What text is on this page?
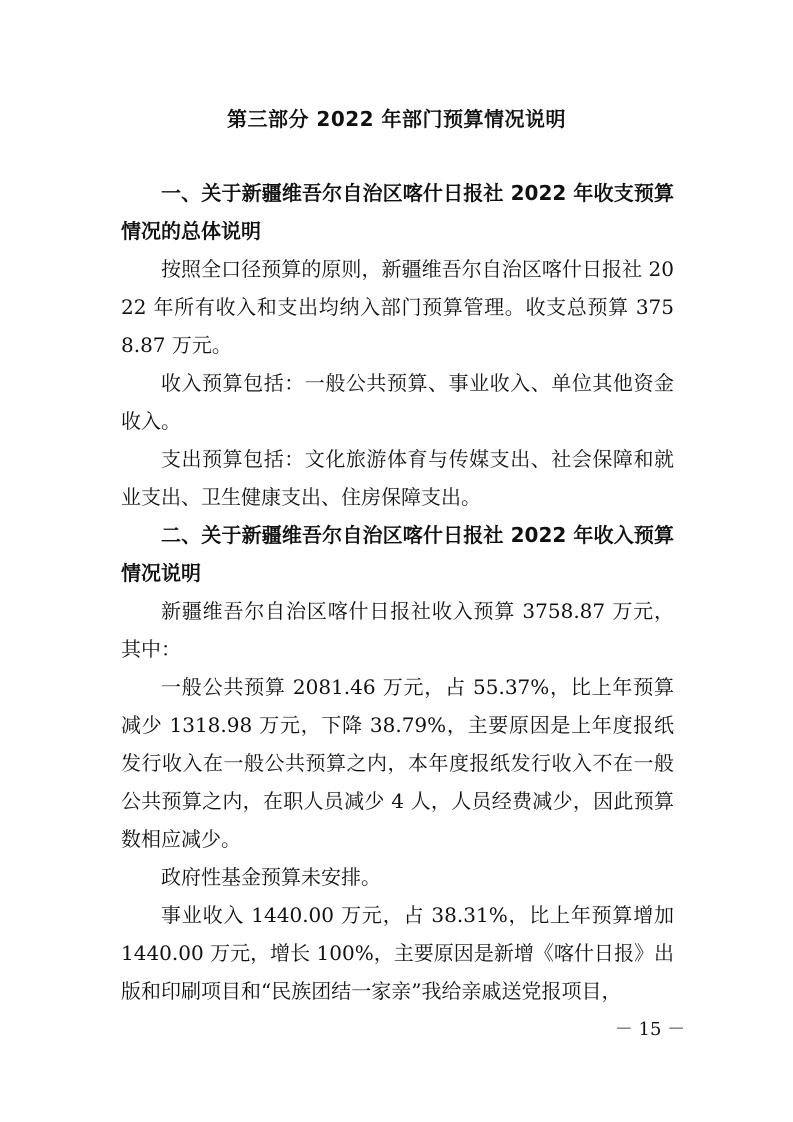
第三部分 2022 年部门预算情况说明

一、关于新疆维吾尔自治区喀什日报社 2022 年收支预算情况的总体说明

按照全口径预算的原则，新疆维吾尔自治区喀什日报社 2022 年所有收入和支出均纳入部门预算管理。收支总预算 3758.87 万元。

收入预算包括：一般公共预算、事业收入、单位其他资金收入。

支出预算包括：文化旅游体育与传媒支出、社会保障和就业支出、卫生健康支出、住房保障支出。

二、关于新疆维吾尔自治区喀什日报社 2022 年收入预算情况说明

新疆维吾尔自治区喀什日报社收入预算 3758.87 万元，其中：

一般公共预算 2081.46 万元，占 55.37%，比上年预算减少 1318.98 万元，下降 38.79%，主要原因是上年度报纸发行收入在一般公共预算之内，本年度报纸发行收入不在一般公共预算之内，在职人员减少 4 人，人员经费减少，因此预算数相应减少。

政府性基金预算未安排。

事业收入 1440.00 万元，占 38.31%，比上年预算增加 1440.00 万元，增长 100%，主要原因是新增《喀什日报》出版和印刷项目和“民族团结一家亲”我给亲戚送党报项目，

－ 15 －
